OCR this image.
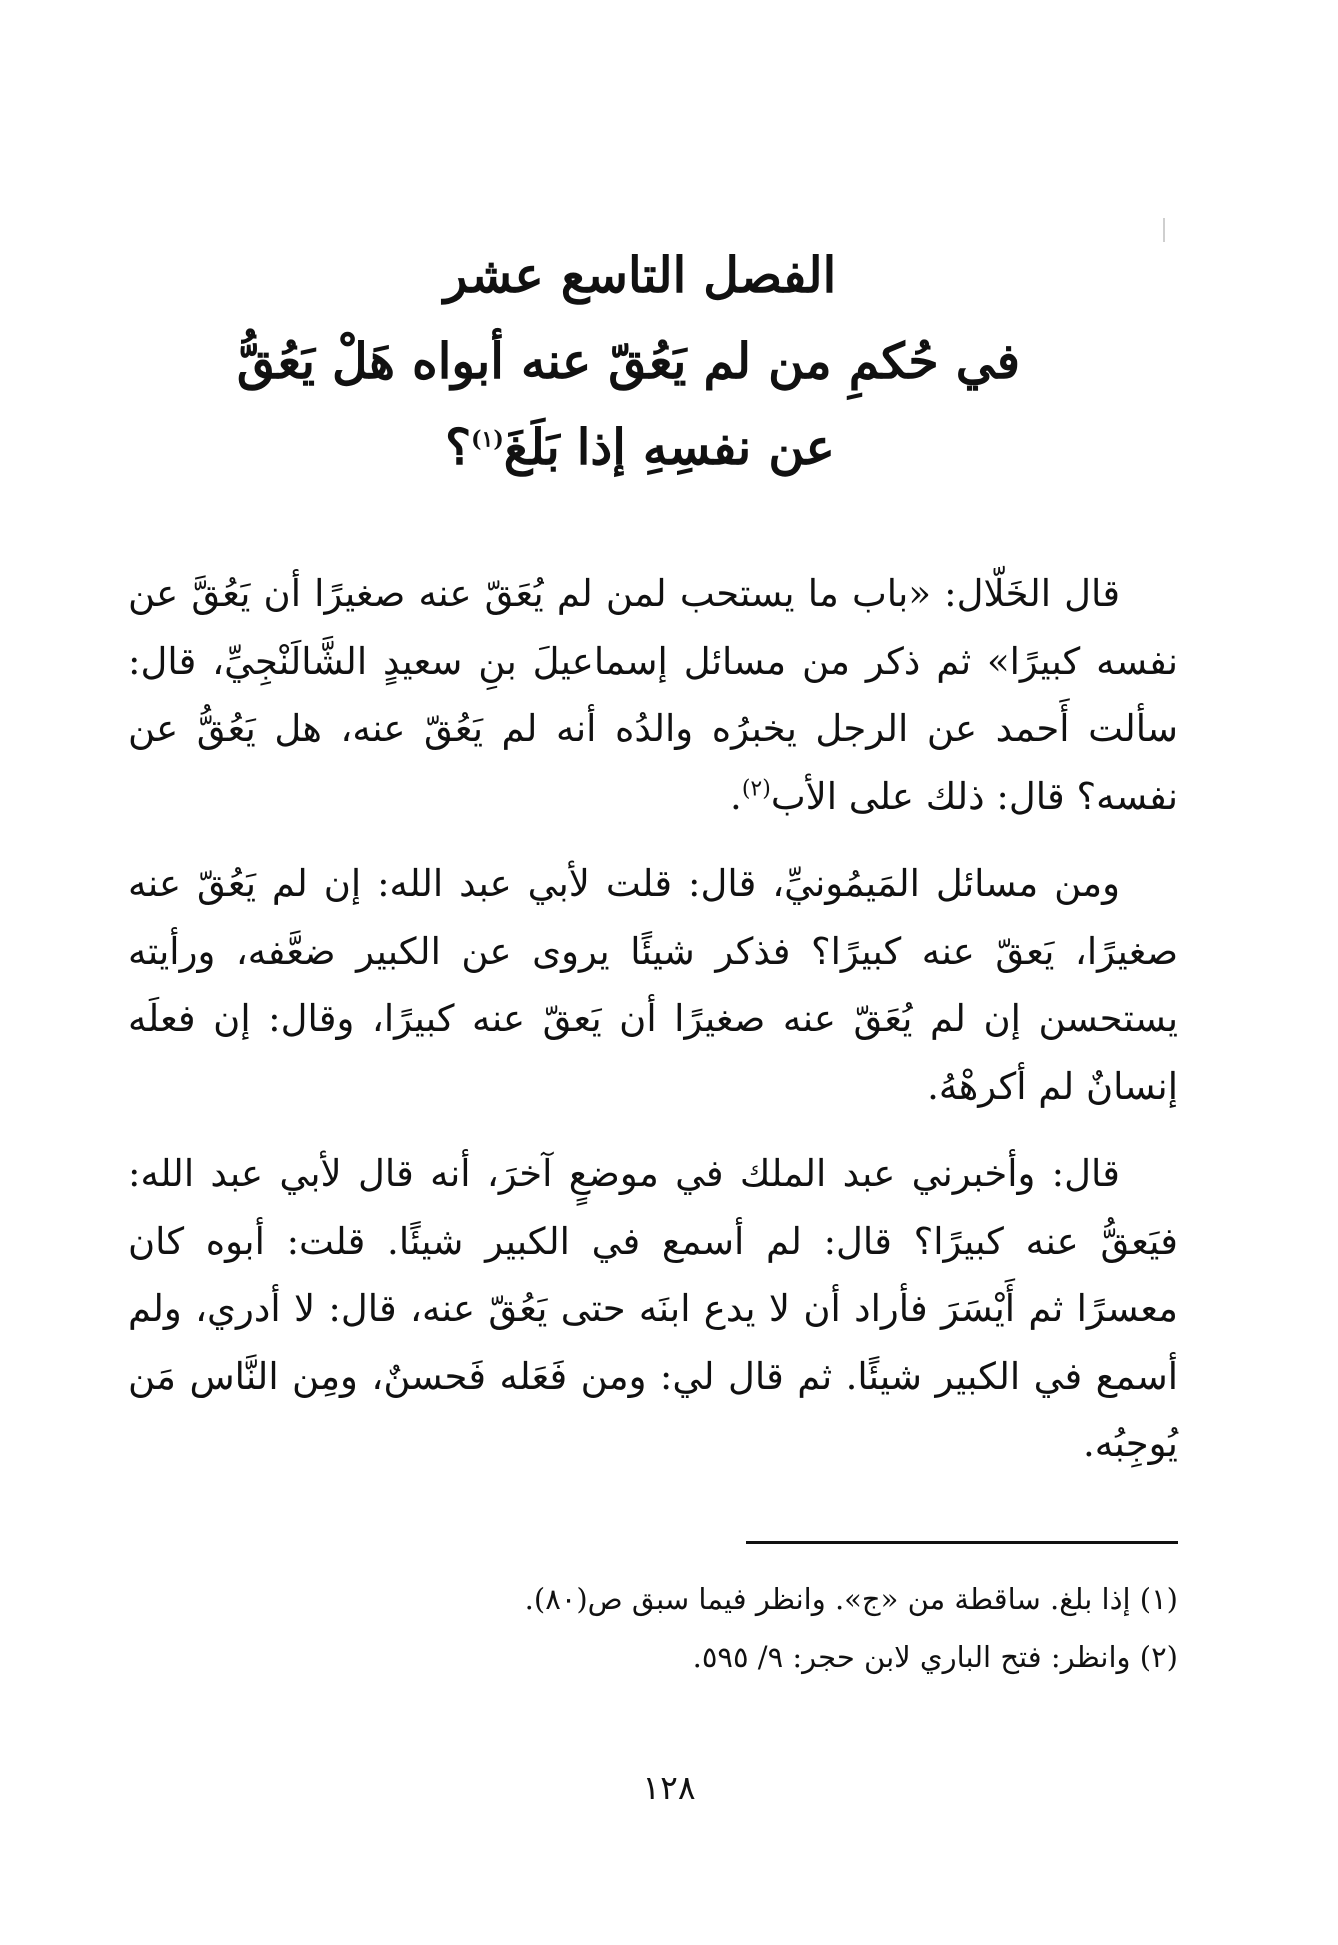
الفصل التاسع عشر
في حُكمِ من لم يَعُقّ عنه أبواه هَلْ يَعُقُّ
عن نفسِهِ إذا بَلَغَ$^{(١)}$؟

قال الخَلّال: «باب ما يستحب لمن لم يُعَقّ عنه صغيرًا أن يَعُقَّ عن نفسه كبيرًا» ثم ذكر من مسائل إسماعيلَ بنِ سعيدٍ الشَّالَنْجِيِّ، قال: سألت أَحمد عن الرجل يخبرُه والدُه أنه لم يَعُقّ عنه، هل يَعُقُّ عن نفسه؟ قال: ذلك على الأب$^{(٢)}$.

ومن مسائل المَيمُونيِّ، قال: قلت لأبي عبد الله: إن لم يَعُقّ عنه صغيرًا، يَعقّ عنه كبيرًا؟ فذكر شيئًا يروى عن الكبير ضعَّفه، ورأيته يستحسن إن لم يُعَقّ عنه صغيرًا أن يَعقّ عنه كبيرًا، وقال: إن فعلَه إنسانٌ لم أكرهْهُ.

قال: وأخبرني عبد الملك في موضعٍ آخرَ، أنه قال لأبي عبد الله: فيَعقُّ عنه كبيرًا؟ قال: لم أسمع في الكبير شيئًا. قلت: أبوه كان معسرًا ثم أَيْسَرَ فأراد أن لا يدع ابنَه حتى يَعُقّ عنه، قال: لا أدري، ولم أسمع في الكبير شيئًا. ثم قال لي: ومن فَعَله فَحسنٌ، ومِن النَّاس مَن يُوجِبُه.

(١) إذا بلغ. ساقطة من «ج». وانظر فيما سبق ص(٨٠).
(٢) وانظر: فتح الباري لابن حجر: ٩/ ٥٩٥.
١٢٨
